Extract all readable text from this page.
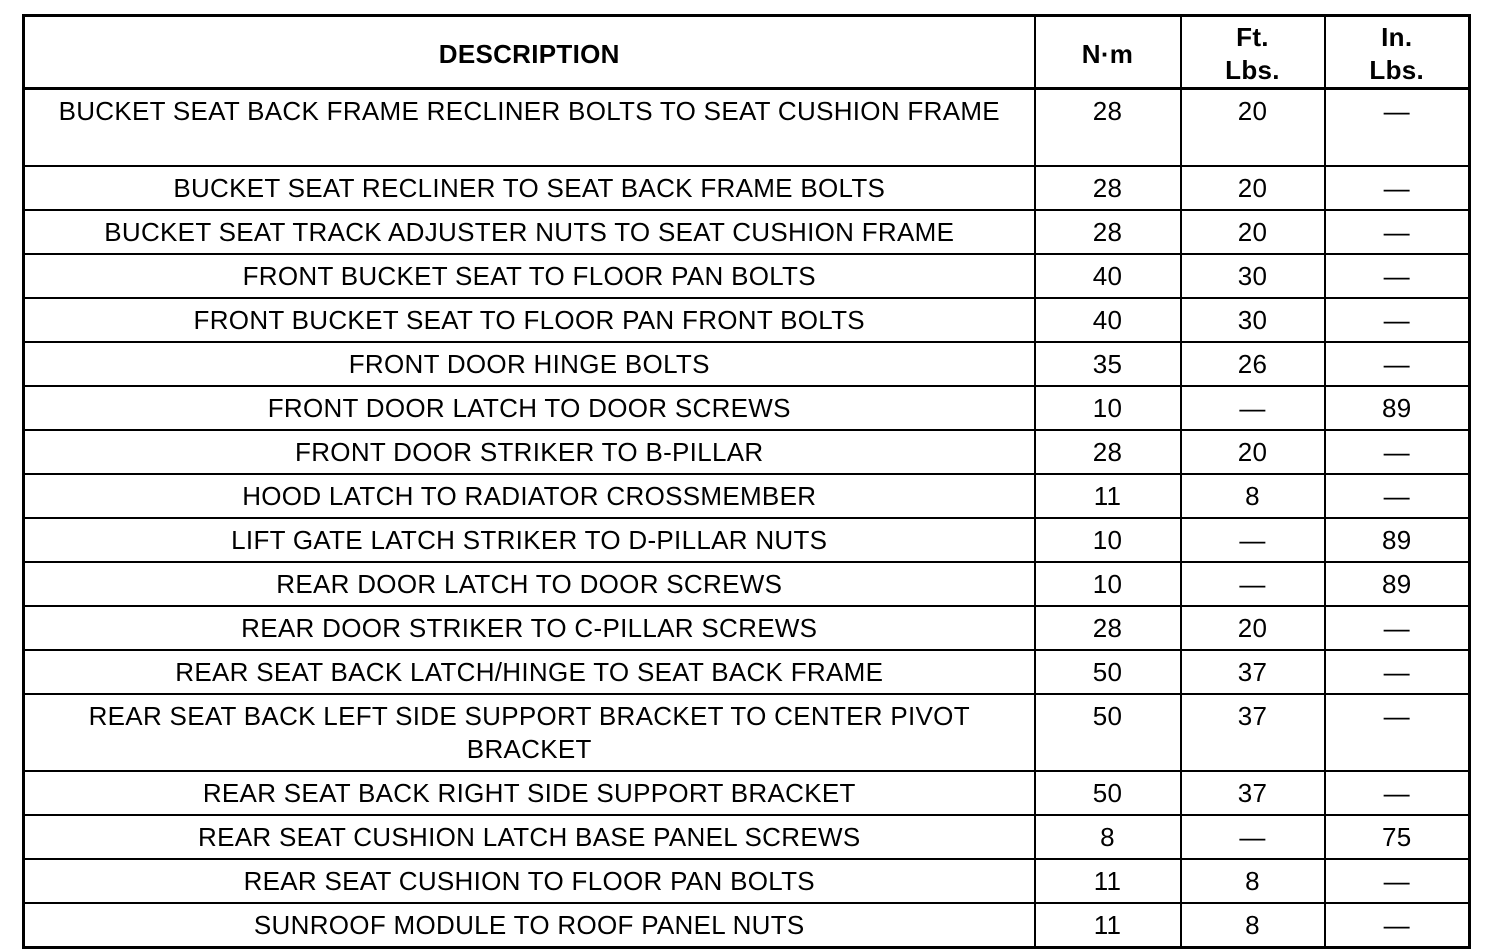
DESCRIPTION	N·m	Ft. Lbs.	In. Lbs.
BUCKET SEAT BACK FRAME RECLINER BOLTS TO SEAT CUSHION FRAME	28	20	—
BUCKET SEAT RECLINER TO SEAT BACK FRAME BOLTS	28	20	—
BUCKET SEAT TRACK ADJUSTER NUTS TO SEAT CUSHION FRAME	28	20	—
FRONT BUCKET SEAT TO FLOOR PAN BOLTS	40	30	—
FRONT BUCKET SEAT TO FLOOR PAN FRONT BOLTS	40	30	—
FRONT DOOR HINGE BOLTS	35	26	—
FRONT DOOR LATCH TO DOOR SCREWS	10	—	89
FRONT DOOR STRIKER TO B-PILLAR	28	20	—
HOOD LATCH TO RADIATOR CROSSMEMBER	11	8	—
LIFT GATE LATCH STRIKER TO D-PILLAR NUTS	10	—	89
REAR DOOR LATCH TO DOOR SCREWS	10	—	89
REAR DOOR STRIKER TO C-PILLAR SCREWS	28	20	—
REAR SEAT BACK LATCH/HINGE TO SEAT BACK FRAME	50	37	—
REAR SEAT BACK LEFT SIDE SUPPORT BRACKET TO CENTER PIVOT BRACKET	50	37	—
REAR SEAT BACK RIGHT SIDE SUPPORT BRACKET	50	37	—
REAR SEAT CUSHION LATCH BASE PANEL SCREWS	8	—	75
REAR SEAT CUSHION TO FLOOR PAN BOLTS	11	8	—
SUNROOF MODULE TO ROOF PANEL NUTS	11	8	—
